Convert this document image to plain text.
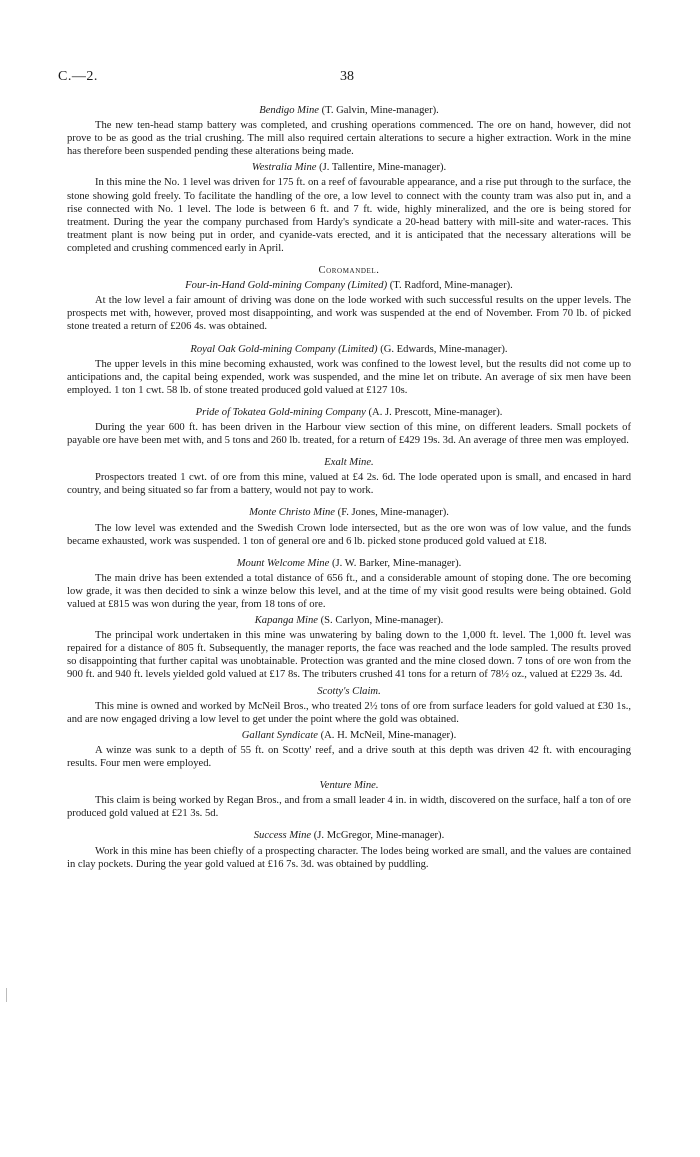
C.—2.	38
Bendigo Mine (T. Galvin, Mine-manager).

The new ten-head stamp battery was completed, and crushing operations commenced. The ore on hand, however, did not prove to be as good as the trial crushing. The mill also required certain alterations to secure a higher extraction. Work in the mine has therefore been suspended pending these alterations being made.

Westralia Mine (J. Tallentire, Mine-manager).

In this mine the No. 1 level was driven for 175 ft. on a reef of favourable appearance, and a rise put through to the surface, the stone showing gold freely. To facilitate the handling of the ore, a low level to connect with the county tram was also put in, and a rise connected with No. 1 level. The lode is between 6 ft. and 7 ft. wide, highly mineralized, and the ore is being stored for treatment. During the year the company purchased from Hardy's syndicate a 20-head battery with mill-site and water-races. This treatment plant is now being put in order, and cyanide-vats erected, and it is anticipated that the necessary alterations will be completed and crushing commenced early in April.

Coromandel.
Four-in-Hand Gold-mining Company (Limited) (T. Radford, Mine-manager).

At the low level a fair amount of driving was done on the lode worked with such successful results on the upper levels. The prospects met with, however, proved most disappointing, and work was suspended at the end of November. From 70 lb. of picked stone treated a return of £206 4s. was obtained.

Royal Oak Gold-mining Company (Limited) (G. Edwards, Mine-manager).

The upper levels in this mine becoming exhausted, work was confined to the lowest level, but the results did not come up to anticipations and, the capital being expended, work was suspended, and the mine let on tribute. An average of six men have been employed. 1 ton 1 cwt. 58 lb. of stone treated produced gold valued at £127 10s.

Pride of Tokatea Gold-mining Company (A. J. Prescott, Mine-manager).

During the year 600 ft. has been driven in the Harbour view section of this mine, on different leaders. Small pockets of payable ore have been met with, and 5 tons and 260 lb. treated, for a return of £429 19s. 3d. An average of three men was employed.

Exalt Mine.

Prospectors treated 1 cwt. of ore from this mine, valued at £4 2s. 6d. The lode operated upon is small, and encased in hard country, and being situated so far from a battery, would not pay to work.

Monte Christo Mine (F. Jones, Mine-manager).

The low level was extended and the Swedish Crown lode intersected, but as the ore won was of low value, and the funds became exhausted, work was suspended. 1 ton of general ore and 6 lb. picked stone produced gold valued at £18.

Mount Welcome Mine (J. W. Barker, Mine-manager).

The main drive has been extended a total distance of 656 ft., and a considerable amount of stoping done. The ore becoming low grade, it was then decided to sink a winze below this level, and at the time of my visit good results were being obtained. Gold valued at £815 was won during the year, from 18 tons of ore.

Kapanga Mine (S. Carlyon, Mine-manager).

The principal work undertaken in this mine was unwatering by baling down to the 1,000 ft. level. The 1,000 ft. level was repaired for a distance of 805 ft. Subsequently, the manager reports, the face was reached and the lode sampled. The results proved so disappointing that further capital was unobtainable. Protection was granted and the mine closed down. 7 tons of ore won from the 900 ft. and 940 ft. levels yielded gold valued at £17 8s. The tributers crushed 41 tons for a return of 78½ oz., valued at £229 3s. 4d.

Scotty's Claim.

This mine is owned and worked by McNeil Bros., who treated 2½ tons of ore from surface leaders for gold valued at £30 1s., and are now engaged driving a low level to get under the point where the gold was obtained.

Gallant Syndicate (A. H. McNeil, Mine-manager).

A winze was sunk to a depth of 55 ft. on Scotty' reef, and a drive south at this depth was driven 42 ft. with encouraging results. Four men were employed.

Venture Mine.

This claim is being worked by Regan Bros., and from a small leader 4 in. in width, discovered on the surface, half a ton of ore produced gold valued at £21 3s. 5d.

Success Mine (J. McGregor, Mine-manager).

Work in this mine has been chiefly of a prospecting character. The lodes being worked are small, and the values are contained in clay pockets. During the year gold valued at £16 7s. 3d. was obtained by puddling.
